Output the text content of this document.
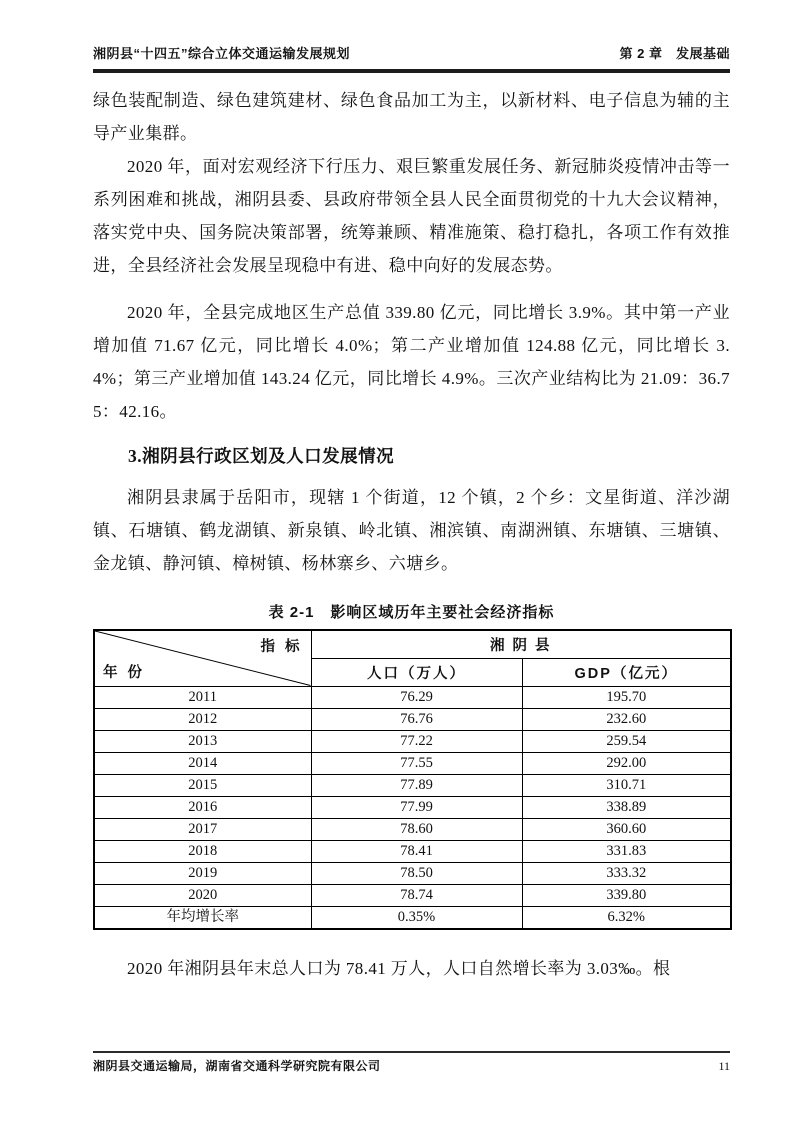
湘阴县“十四五”综合立体交通运输发展规划	第 2 章　发展基础

绿色装配制造、绿色建筑建材、绿色食品加工为主，以新材料、电子信息为辅的主导产业集群。

2020 年，面对宏观经济下行压力、艰巨繁重发展任务、新冠肺炎疫情冲击等一系列困难和挑战，湘阴县委、县政府带领全县人民全面贯彻党的十九大会议精神，落实党中央、国务院决策部署，统筹兼顾、精准施策、稳打稳扎，各项工作有效推进，全县经济社会发展呈现稳中有进、稳中向好的发展态势。

2020 年，全县完成地区生产总值 339.80 亿元，同比增长 3.9%。其中第一产业增加值 71.67 亿元，同比增长 4.0%；第二产业增加值 124.88 亿元，同比增长 3.4%；第三产业增加值 143.24 亿元，同比增长 4.9%。三次产业结构比为 21.09：36.75：42.16。

3.湘阴县行政区划及人口发展情况

湘阴县隶属于岳阳市，现辖 1 个街道，12 个镇，2 个乡：文星街道、洋沙湖镇、石塘镇、鹤龙湖镇、新泉镇、岭北镇、湘滨镇、南湖洲镇、东塘镇、三塘镇、金龙镇、静河镇、樟树镇、杨林寨乡、六塘乡。

表 2-1　影响区域历年主要社会经济指标
指 标
年 份	湘 阴 县	
	人口（万人）	GDP（亿元）
2011	76.29	195.70
2012	76.76	232.60
2013	77.22	259.54
2014	77.55	292.00
2015	77.89	310.71
2016	77.99	338.89
2017	78.60	360.60
2018	78.41	331.83
2019	78.50	333.32
2020	78.74	339.80
年均增长率	0.35%	6.32%

2020 年湘阴县年末总人口为 78.41 万人，人口自然增长率为 3.03‰。根

湘阴县交通运输局，湖南省交通科学研究院有限公司	11
